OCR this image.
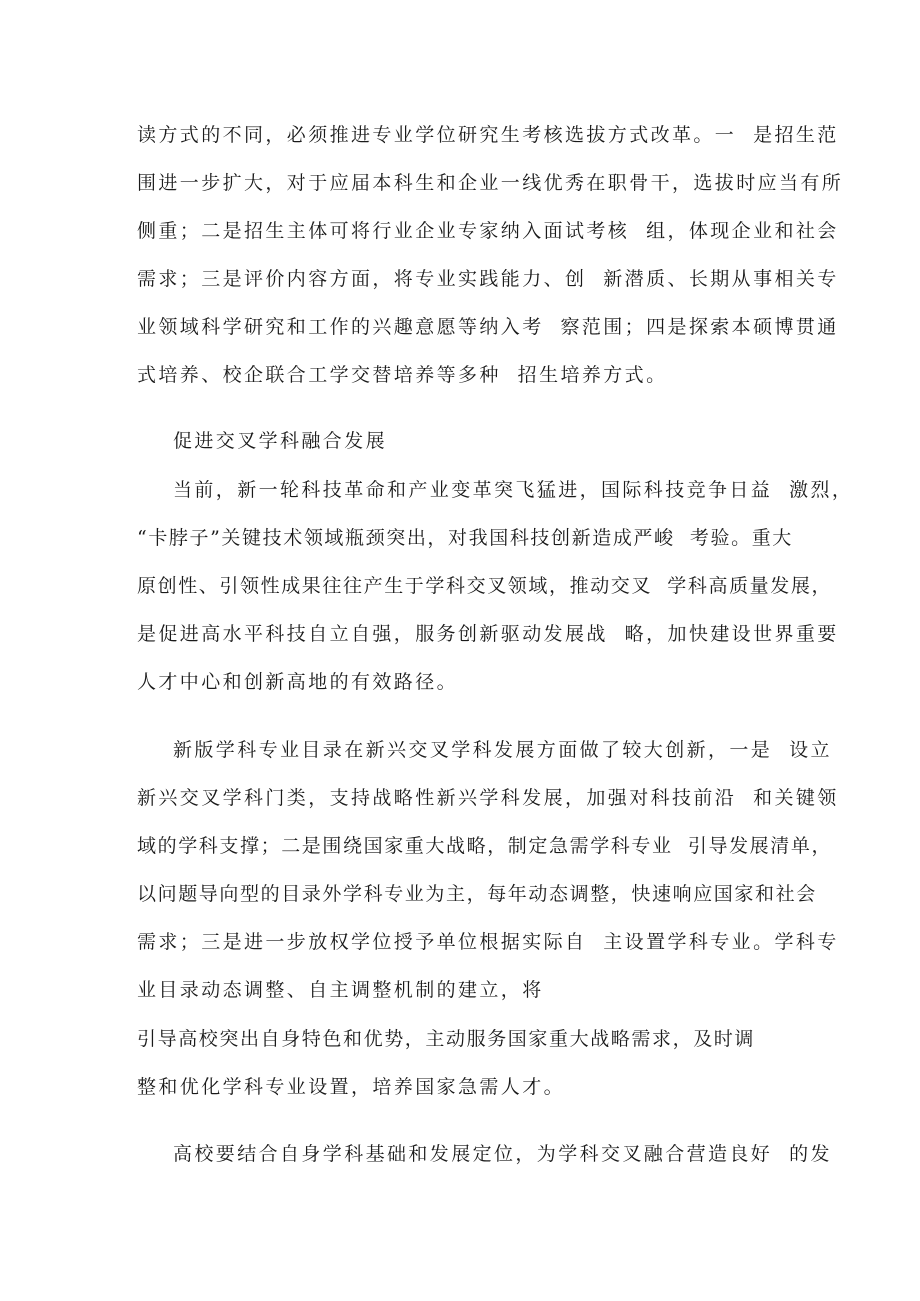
读方式的不同，必须推进专业学位研究生考核选拔方式改革。一  是招生范
围进一步扩大，对于应届本科生和企业一线优秀在职骨干，选拔时应当有所
侧重；二是招生主体可将行业企业专家纳入面试考核  组，体现企业和社会
需求；三是评价内容方面，将专业实践能力、创  新潜质、长期从事相关专
业领域科学研究和工作的兴趣意愿等纳入考  察范围；四是探索本硕博贯通
式培养、校企联合工学交替培养等多种  招生培养方式。
促进交叉学科融合发展
当前，新一轮科技革命和产业变革突飞猛进，国际科技竞争日益  激烈，
“卡脖子”关键技术领域瓶颈突出，对我国科技创新造成严峻  考验。重大
原创性、引领性成果往往产生于学科交叉领域，推动交叉  学科高质量发展，
是促进高水平科技自立自强，服务创新驱动发展战  略，加快建设世界重要
人才中心和创新高地的有效路径。
新版学科专业目录在新兴交叉学科发展方面做了较大创新，一是  设立
新兴交叉学科门类，支持战略性新兴学科发展，加强对科技前沿  和关键领
域的学科支撑；二是围绕国家重大战略，制定急需学科专业  引导发展清单，
以问题导向型的目录外学科专业为主，每年动态调整，快速响应国家和社会
需求；三是进一步放权学位授予单位根据实际自  主设置学科专业。学科专
业目录动态调整、自主调整机制的建立，将
引导高校突出自身特色和优势，主动服务国家重大战略需求，及时调
整和优化学科专业设置，培养国家急需人才。
高校要结合自身学科基础和发展定位，为学科交叉融合营造良好  的发
